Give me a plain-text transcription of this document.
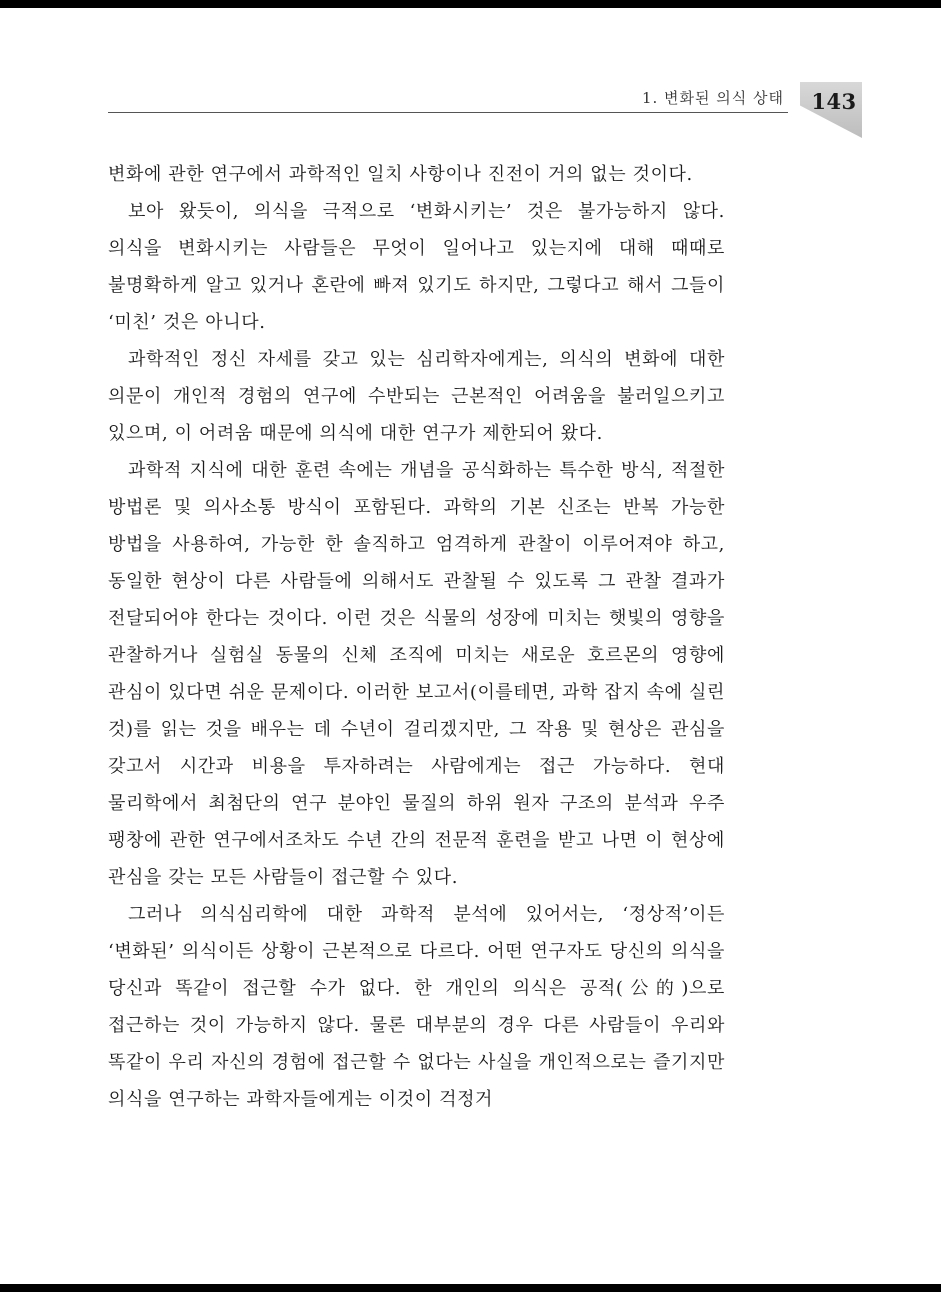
1. 변화된 의식 상태 143

변화에 관한 연구에서 과학적인 일치 사항이나 진전이 거의 없는 것이다.

보아 왔듯이, 의식을 극적으로 ‘변화시키는’ 것은 불가능하지 않다. 의식을 변화시키는 사람들은 무엇이 일어나고 있는지에 대해 때때로 불명확하게 알고 있거나 혼란에 빠져 있기도 하지만, 그렇다고 해서 그들이 ‘미친’ 것은 아니다.

과학적인 정신 자세를 갖고 있는 심리학자에게는, 의식의 변화에 대한 의문이 개인적 경험의 연구에 수반되는 근본적인 어려움을 불러일으키고 있으며, 이 어려움 때문에 의식에 대한 연구가 제한되어 왔다.

과학적 지식에 대한 훈련 속에는 개념을 공식화하는 특수한 방식, 적절한 방법론 및 의사소통 방식이 포함된다. 과학의 기본 신조는 반복 가능한 방법을 사용하여, 가능한 한 솔직하고 엄격하게 관찰이 이루어져야 하고, 동일한 현상이 다른 사람들에 의해서도 관찰될 수 있도록 그 관찰 결과가 전달되어야 한다는 것이다. 이런 것은 식물의 성장에 미치는 햇빛의 영향을 관찰하거나 실험실 동물의 신체 조직에 미치는 새로운 호르몬의 영향에 관심이 있다면 쉬운 문제이다. 이러한 보고서(이를테면, 과학 잡지 속에 실린 것)를 읽는 것을 배우는 데 수년이 걸리겠지만, 그 작용 및 현상은 관심을 갖고서 시간과 비용을 투자하려는 사람에게는 접근 가능하다. 현대 물리학에서 최첨단의 연구 분야인 물질의 하위 원자 구조의 분석과 우주 팽창에 관한 연구에서조차도 수년 간의 전문적 훈련을 받고 나면 이 현상에 관심을 갖는 모든 사람들이 접근할 수 있다.

그러나 의식심리학에 대한 과학적 분석에 있어서는, ‘정상적’이든 ‘변화된’ 의식이든 상황이 근본적으로 다르다. 어떤 연구자도 당신의 의식을 당신과 똑같이 접근할 수가 없다. 한 개인의 의식은 공적(公的)으로 접근하는 것이 가능하지 않다. 물론 대부분의 경우 다른 사람들이 우리와 똑같이 우리 자신의 경험에 접근할 수 없다는 사실을 개인적으로는 즐기지만 의식을 연구하는 과학자들에게는 이것이 걱정거
